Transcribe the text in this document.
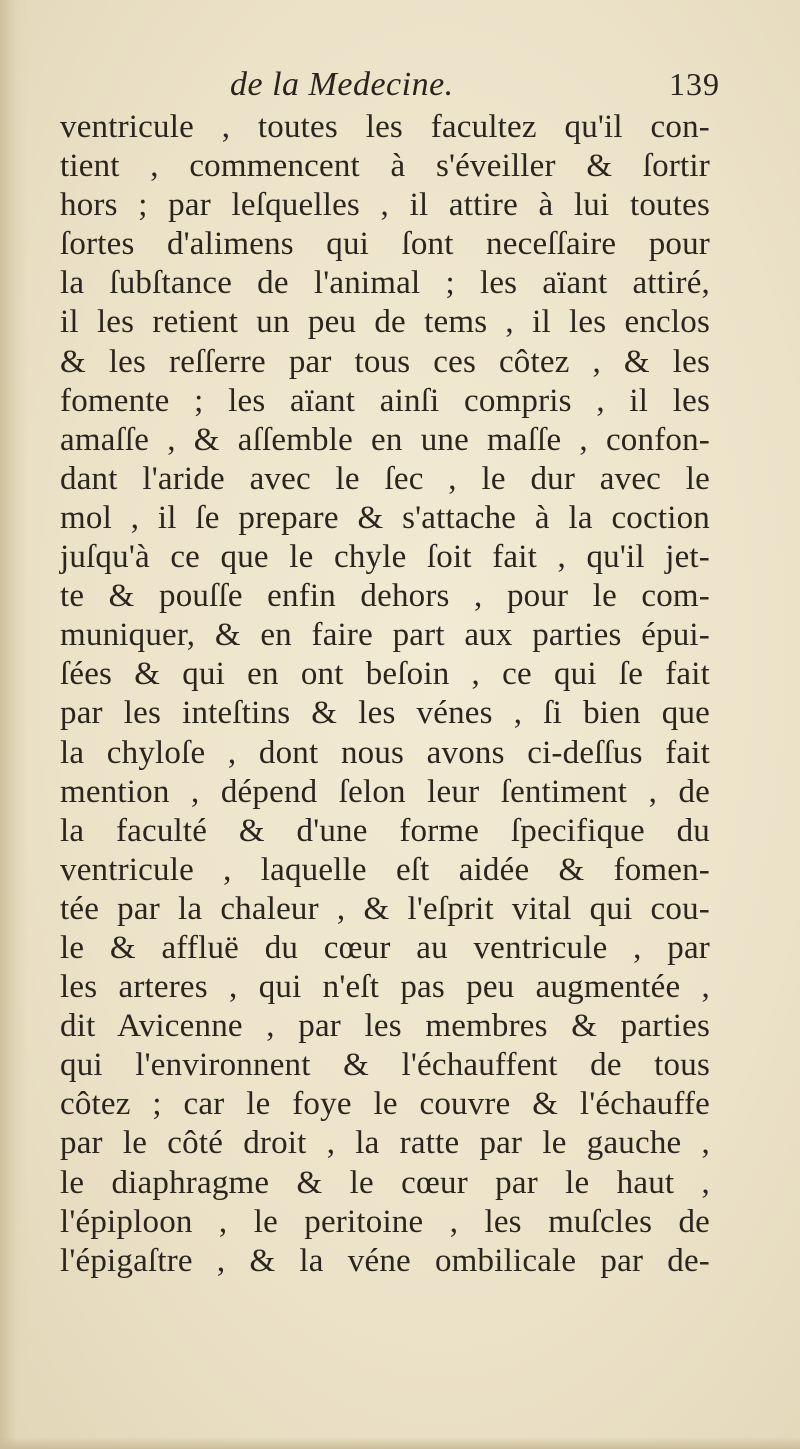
de la Medecine.	139
ventricule , toutes les facultez qu'il con-
tient , commencent à s'éveiller & ſortir
hors ; par leſquelles , il attire à lui toutes
ſortes d'alimens qui ſont neceſſaire pour
la ſubſtance de l'animal ; les aïant attiré,
il les retient un peu de tems , il les enclos
& les reſſerre par tous ces côtez , & les
fomente ; les aïant ainſi compris , il les
amaſſe , & aſſemble en une maſſe , confon-
dant l'aride avec le ſec , le dur avec le
mol , il ſe prepare & s'attache à la coction
juſqu'à ce que le chyle ſoit fait , qu'il jet-
te & pouſſe enfin dehors , pour le com-
muniquer, & en faire part aux parties épui-
ſées & qui en ont beſoin , ce qui ſe fait
par les inteſtins & les vénes , ſi bien que
la chyloſe , dont nous avons ci-deſſus fait
mention , dépend ſelon leur ſentiment , de
la faculté & d'une forme ſpecifique du
ventricule , laquelle eſt aidée & fomen-
tée par la chaleur , & l'eſprit vital qui cou-
le & affluë du cœur au ventricule , par
les arteres , qui n'eſt pas peu augmentée ,
dit Avicenne , par les membres & parties
qui l'environnent & l'échauffent de tous
côtez ; car le foye le couvre & l'échauffe
par le côté droit , la ratte par le gauche ,
le diaphragme & le cœur par le haut ,
l'épiploon , le peritoine , les muſcles de
l'épigaſtre , & la véne ombilicale par de-
